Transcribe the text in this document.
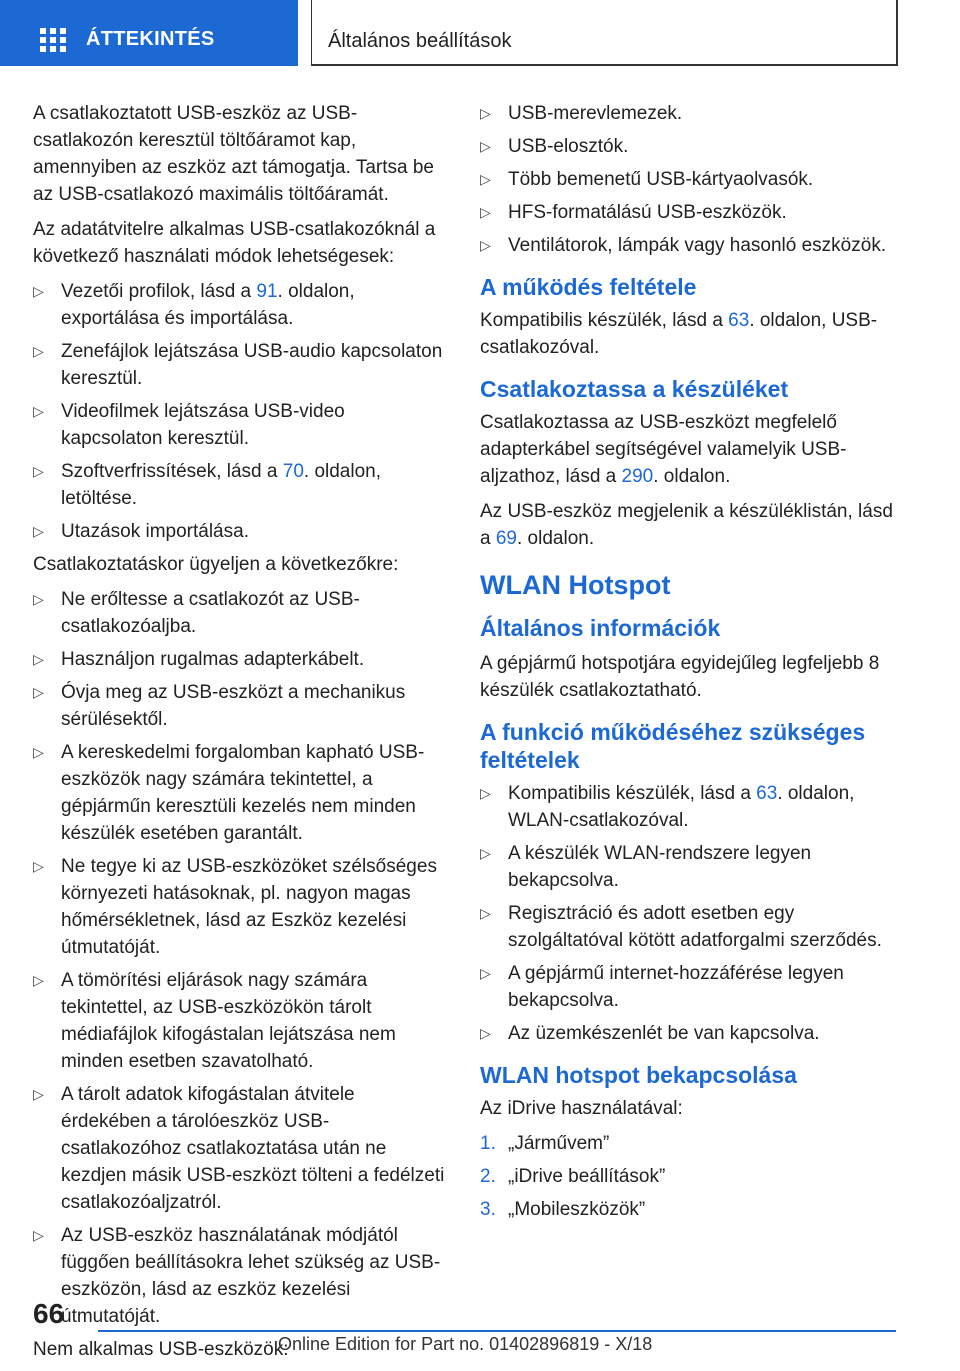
ÁTTEKINTÉS	Általános beállítások

A csatlakoztatott USB-eszköz az USB-csatlakozón keresztül töltőáramot kap, amennyiben az eszköz azt támogatja. Tartsa be az USB-csatlakozó maximális töltőáramát.

Az adatátvitelre alkalmas USB-csatlakozóknál a következő használati módok lehetségesek:

▷ Vezetői profilok, lásd a 91. oldalon, exportálása és importálása.
▷ Zenefájlok lejátszása USB-audio kapcsolaton keresztül.
▷ Videofilmek lejátszása USB-video kapcsolaton keresztül.
▷ Szoftverfrissítések, lásd a 70. oldalon, letöltése.
▷ Utazások importálása.

Csatlakoztatáskor ügyeljen a következőkre:

▷ Ne erőltesse a csatlakozót az USB-csatlakozóaljba.
▷ Használjon rugalmas adapterkábelt.
▷ Óvja meg az USB-eszközt a mechanikus sérülésektől.
▷ A kereskedelmi forgalomban kapható USB-eszközök nagy számára tekintettel, a gépjárműn keresztüli kezelés nem minden készülék esetében garantált.
▷ Ne tegye ki az USB-eszközöket szélsőséges környezeti hatásoknak, pl. nagyon magas hőmérsékletnek, lásd az Eszköz kezelési útmutatóját.
▷ A tömörítési eljárások nagy számára tekintettel, az USB-eszközökön tárolt médiafájlok kifogástalan lejátszása nem minden esetben szavatolható.
▷ A tárolt adatok kifogástalan átvitele érdekében a tárolóeszköz USB-csatlakozóhoz csatlakoztatása után ne kezdjen másik USB-eszközt tölteni a fedélzeti csatlakozóaljzatról.
▷ Az USB-eszköz használatának módjától függően beállításokra lehet szükség az USB-eszközön, lásd az eszköz kezelési útmutatóját.

Nem alkalmas USB-eszközök:

▷ USB-merevlemezek.
▷ USB-elosztók.
▷ Több bemenetű USB-kártyaolvasók.
▷ HFS-formatálású USB-eszközök.
▷ Ventilátorok, lámpák vagy hasonló eszközök.
A működés feltétele

Kompatibilis készülék, lásd a 63. oldalon, USB-csatlakozóval.

Csatlakoztassa a készüléket

Csatlakoztassa az USB-eszközt megfelelő adapterkábel segítségével valamelyik USB-aljzathoz, lásd a 290. oldalon.

Az USB-eszköz megjelenik a készüléklistán, lásd a 69. oldalon.

WLAN Hotspot
Általános információk

A gépjármű hotspotjára egyidejűleg legfeljebb 8 készülék csatlakoztatható.

A funkció működéséhez szükséges feltételek
▷ Kompatibilis készülék, lásd a 63. oldalon, WLAN-csatlakozóval.
▷ A készülék WLAN-rendszere legyen bekapcsolva.
▷ Regisztráció és adott esetben egy szolgáltatóval kötött adatforgalmi szerződés.
▷ A gépjármű internet-hozzáférése legyen bekapcsolva.
▷ Az üzemkészenlét be van kapcsolva.
WLAN hotspot bekapcsolása

Az iDrive használatával:

1. „Járművem”
2. „iDrive beállítások”
3. „Mobileszközök”
66
Online Edition for Part no. 01402896819 - X/18
